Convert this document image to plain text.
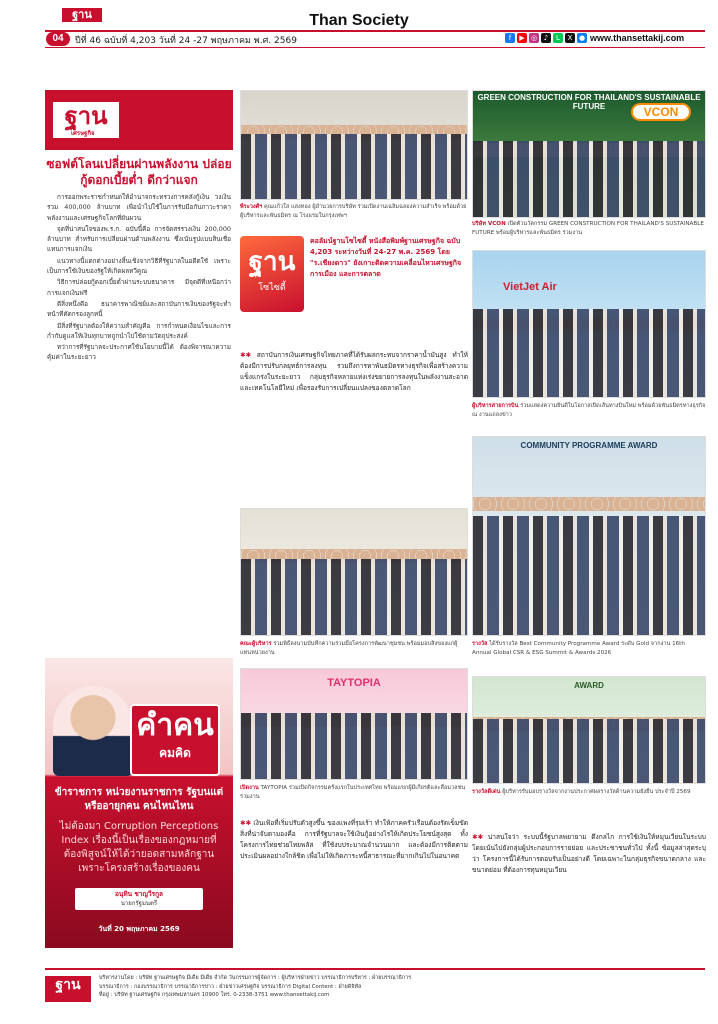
ฐาน	Than Society
04	ปีที่ 46 ฉบับที่ 4,203 วันที่ 24 -27 พฤษภาคม พ.ศ. 2569	f	▶ ◎ ♪	L	X ● www.thansettakij.com
ฐาน
เศรษฐกิจ
ซอฟต์โลนเปลี่ยนผ่านพลังงาน ปล่อยกู้ดอกเบี้ยต่ำ ดีกว่าแจก

การออกพระราชกำหนดให้อำนาจกระทรวงการคลังกู้เงิน วงเงินรวม 400,000 ล้านบาท เพื่อนำไปใช้ในการรับมือกับภาวะราคาพลังงานและเศรษฐกิจโลกที่ผันผวน

จุดที่น่าสนใจของพ.ร.ก. ฉบับนี้คือ การจัดสรรวงเงิน 200,000 ล้านบาท สำหรับการเปลี่ยนผ่านด้านพลังงาน ซึ่งเน้นรูปแบบสินเชื่อ แทนการแจกเงิน

แนวทางนี้แตกต่างอย่างสิ้นเชิงจากวิธีที่รัฐบาลในอดีตใช้ เพราะเป็นการใช้เงินของรัฐให้เกิดผลทวีคูณ

วิธีการปล่อยกู้ดอกเบี้ยต่ำผ่านระบบธนาคาร มีจุดดีที่เหนือกว่าการแจกเงินฟรี

ดีสิ่งหนึ่งคือ ธนาคารพาณิชย์และสถาบันการเงินของรัฐจะทำหน้าที่คัดกรองลูกหนี้

มีสิ่งที่รัฐบาลต้องให้ความสำคัญคือ การกำหนดเงื่อนไขและการกำกับดูแลให้เงินทุกบาทถูกนำไปใช้ตามวัตถุประสงค์

ทว่าการที่รัฐบาลจะประกาศใช้นโยบายนี้ได้ ต้องพิจารณาความคุ้มค่าในระยะยาว

คำคน
คมคิด
ข้าราชการ หน่วยงานราชการ รัฐบนแต่ หรืออายุกคน คนไหนไหน
ไม่ต้องมา Corruption Perceptions Index เรื่องนี้เป็นเรื่องของกฎหมายที่ต้องพิสูจน์ให้ได้ว่ายอดสามหลักฐานเพราะโครงสร้างเรื่องของคน
อนุทิน ชาญวีรกูล
นายกรัฐมนตรี
วันที่ 20 พฤษภาคม 2569
พีระวงศ์ฯ คุณแก้วใส แสงทอง ผู้อำนวยการบริษัท ร่วมเปิดงานเฉลิมฉลองความสำเร็จ พร้อมด้วยผู้บริหารและพันธมิตร ณ โรงแรมในกรุงเทพฯ
GREEN CONSTRUCTION FOR THAILAND'S SUSTAINABLE FUTURE	VCON
บริษัท VCON เปิดตัวนวัตกรรม GREEN CONSTRUCTION FOR THAILAND'S SUSTAINABLE FUTURE พร้อมผู้บริหารและพันธมิตร ร่วมงาน
VietJet Air
ผู้บริหารสายการบิน ร่วมแสดงความยินดีในโอกาสเปิดเส้นทางบินใหม่ พร้อมด้วยพันธมิตรทางธุรกิจ ณ งานแถลงข่าว
ฐาน
โซไซตี้
คอลัมน์ฐานโซไซตี้ หนังสือพิมพ์ฐานเศรษฐกิจ ฉบับ 4,203 ระหว่างวันที่ 24-27 พ.ค. 2569 โดย "ร.เชียงดาว" ยังเกาะติดความเคลื่อนไหวเศรษฐกิจ การเมือง และการตลาด
✱✱ สถาบันการเงินเศรษฐกิจไทยภาคที่ได้รับผลกระทบจากราคาน้ำมันสูง ทำให้ต้องมีการปรับกลยุทธ์การลงทุน รวมถึงการหาพันธมิตรทางธุรกิจเพื่อสร้างความแข็งแกร่งในระยะยาว กลุ่มธุรกิจหลายแห่งเร่งขยายการลงทุนในพลังงานสะอาด และเทคโนโลยีใหม่ เพื่อรองรับการเปลี่ยนแปลงของตลาดโลก
คณะผู้บริหาร ร่วมพิธีลงนามบันทึกความร่วมมือโครงการพัฒนาชุมชน พร้อมมอบสิ่งของแก่ผู้แทนหน่วยงาน
COMMUNITY PROGRAMME AWARD
รางวัล ได้รับรางวัล Best Community Programme Award ระดับ Gold จากงาน 16th Annual Global CSR & ESG Summit & Awards 2026
TAYTOPIA
เปิดงาน TAYTOPIA ร่วมเปิดกิจกรรมครั้งแรกในประเทศไทย พร้อมแขกผู้มีเกียรติและสื่อมวลชนร่วมงาน
AWARD
รางวัลดีเด่น ผู้บริหารรับมอบรางวัลจากงานประกาศผลรางวัลด้านความยั่งยืน ประจำปี 2569
✱✱ เงินเฟ้อที่เริ่มปรับตัวสูงขึ้น ของแพงที่รุมเร้า ทำให้ภาคครัวเรือนต้องรัดเข็มขัด สิ่งที่น่าจับตามองคือ การที่รัฐบาลจะใช้เงินกู้อย่างไรให้เกิดประโยชน์สูงสุด ทั้งโครงการไทยช่วยไทยพลัส ที่ใช้งบประมาณจำนวนมาก และต้องมีการติดตามประเมินผลอย่างใกล้ชิด เพื่อไม่ให้เกิดภาระหนี้สาธารณะที่มากเกินไปในอนาคต
✱✱ น่าสนใจว่า ระบบนี้รัฐบาลพยายาม ดึงกลไก การใช้เงินให้หมุนเวียนในระบบ โดยเน้นไปยังกลุ่มผู้ประกอบการรายย่อย และประชาชนทั่วไป ทั้งนี้ ข้อมูลล่าสุดระบุว่า โครงการนี้ได้รับการตอบรับเป็นอย่างดี โดยเฉพาะในกลุ่มธุรกิจขนาดกลาง และขนาดย่อม ที่ต้องการทุนหมุนเวียน
ฐาน	บริหารงานโดย : บริษัท ฐานเศรษฐกิจ มีเดีย มีเดีย จำกัด วันกรรมการผู้จัดการ : ผู้บริหารฝ่ายข่าว บรรณาธิการบริหาร : ฝ่ายบรรณาธิการ
บรรณาธิการ : กองบรรณาธิการ บรรณาธิการข่าว : ฝ่ายข่าวเศรษฐกิจ บรรณาธิการ Digital Content : ฝ่ายดิจิทัล
ที่อยู่ : บริษัท ฐานเศรษฐกิจ กรุงเทพมหานคร 10900 โทร. 0-2338-3751 www.thansettakij.com
